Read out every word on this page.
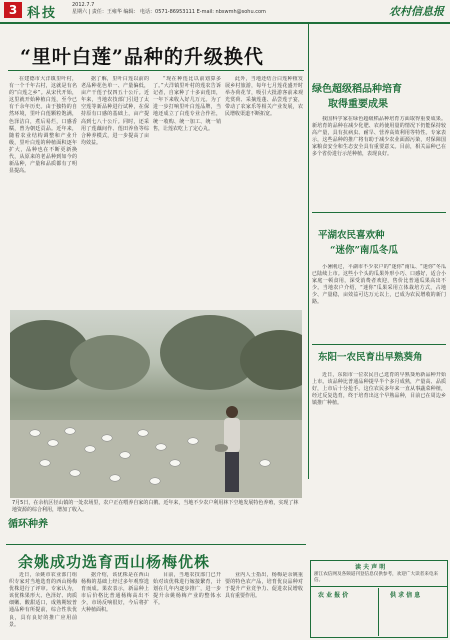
3 科技
2012.7.7
星期六 | 责任：王雍华 编辑： 电话：0571-86953111 E-mail: nbswmh@sohu.com	农村信息报
“里叶白莲”品种的升级换代

在建德市大洋镇里叶村，有一个千年古村，这就是有名的“白莲之乡”。从宋代开始，这里就开始种植白莲，至今已有千余年历史。由于独特的自然环境，里叶白莲颗粒饱满，色泽洁白，煮后易烂，口感香糯，曾为朝廷贡品。近年来，随着农业结构调整和产业升级，里叶白莲的种植面积逐年扩大，品种也在不断更新换代，从原来的老品种到如今的新品种，产量和品质都有了明显提高。

据了解，里叶白莲以前的老品种花色单一、产量偏低，亩产干莲子仅四五十公斤。近年来，当地农技部门引进了太空莲等新品种进行试种，在保持原有口感的基础上，亩产提高到七八十公斤。同时，还采用了莲藕间作、莲田养鱼等综合种养模式，进一步提高了亩均效益。

“现在种莲比以前划算多了。”大洋镇里叶村的莲农告诉记者，自家种了十多亩莲田，一年下来收入好几万元。为了进一步打响里叶白莲品牌，当地还成立了白莲专业合作社，统一收购、统一加工、统一销售，让莲农吃上了定心丸。

此外，当地还结合白莲种植发展乡村旅游，每年七月莲花盛开时举办荷花节，吸引大批游客前来观光赏荷、采摘莲蓬、品尝莲子宴，带动了农家乐等相关产业发展，农民增收渠道不断拓宽。

绿色超级稻品种培育
取得重要成果

我国科学家在绿色超级稻品种培育方面取得重要成果。新培育的品种在减少化肥、农药使用量的情况下仍能保持较高产量，具有抗病虫、耐旱、营养高效利用等特性。专家表示，这些品种的推广将有助于减少农业面源污染，对保障国家粮食安全和生态安全具有重要意义。目前，相关品种已在多个省份进行示范种植，表现良好。

平湖农民喜欢种
“迷你”南瓜冬瓜

小暑刚过，平湖市不少农户的“迷你”南瓜、“迷你”冬瓜已陆续上市。这些小个头的瓜果外形小巧、口感好，适合小家庭一顿食用，深受消费者欢迎，售价比普通瓜果高出不少。当地农户介绍，“迷你”瓜果采用立体栽培方式，占地少、产量稳，亩效益可达万元以上，已成为农民增收的新门路。

东阳一农民育出早熟葵角

近日，东阳市一位农民自己选育的早熟葵角新品种开始上市。该品种比普通品种提早半个多月成熟，产量高、品质好，上市后十分抢手。这位农民多年来一直从事蔬菜种植，经过反复选育，终于培育出这个早熟品种，目前已在周边乡镇推广种植。

7月5日，在余杭区径山镇的一处农场里，农户正在喂养自家的白鹅。近年来，当地不少农户利用林下空地发展特色养殖，实现了林地资源的综合利用，增加了收入。
循环种养
余姚成功选育西山杨梅优株

近日，余姚市农业部门组织专家对当地选育的西山杨梅优株进行了评审。专家认为，该优株果形大、色泽好、肉质细嫩、酸甜适口，成熟期较普通品种有所提前，综合性状优良，具有良好的推广应用前景。

据介绍，该优株是在西山杨梅的基础上经过多年观察选育而成。果农表示，新品种上市后价格比普通杨梅高出不少，市场反响很好，今后将扩大种植面积。

目前，当地农技部门已开始对该优株进行嫁接繁育，计划在几年内逐步推广，进一步提升余姚杨梅产业的整体水平。

业内人士指出，杨梅是余姚重要的特色农产品，培育优良品种对于提升产业竞争力、促进农民增收具有重要作用。

读 夫 声 明
浙江农信网及各频道刊登信息仅供参考，欢迎广大读者来电来信。
农 业 报 价	供 求 信 息
